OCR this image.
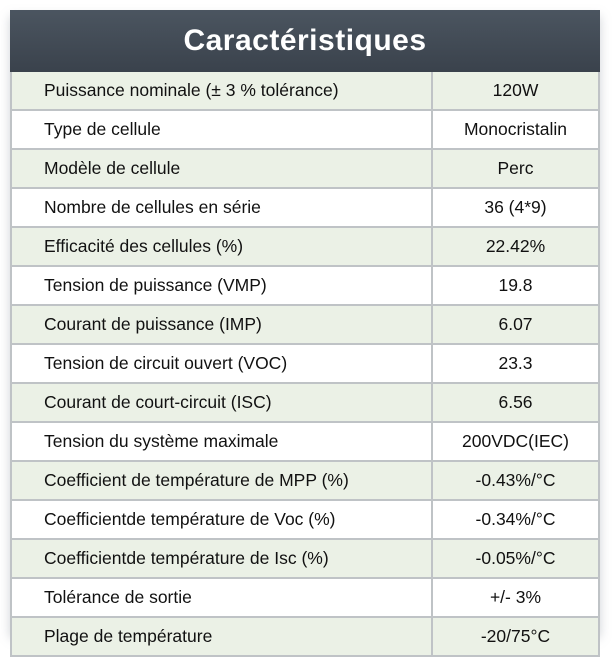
Caractéristiques
Puissance nominale (± 3 % tolérance)	120W
Type de cellule	Monocristalin
Modèle de cellule	Perc
Nombre de cellules en série	36 (4*9)
Efficacité des cellules (%)	22.42%
Tension de puissance (VMP)	19.8
Courant de puissance (IMP)	6.07
Tension de circuit ouvert (VOC)	23.3
Courant de court-circuit (ISC)	6.56
Tension du système maximale	200VDC(IEC)
Coefficient de température de MPP (%)	-0.43%/°C
Coefficientde température de Voc (%)	-0.34%/°C
Coefficientde température de Isc (%)	-0.05%/°C
Tolérance de sortie	+/- 3%
Plage de température	-20/75°C
